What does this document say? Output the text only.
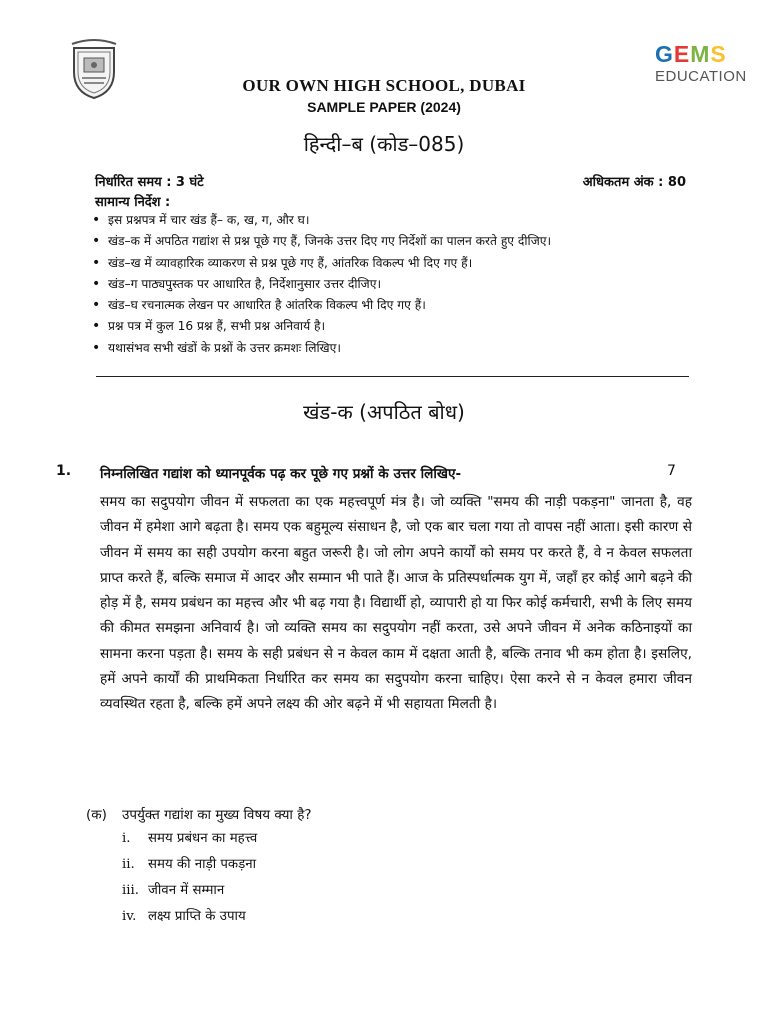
GEMS
EDUCATION
OUR OWN HIGH SCHOOL, DUBAI
SAMPLE PAPER (2024)
हिन्दी–ब (कोड–085)
निर्धारित समय : 3 घंटे	अधिकतम अंक : 80
सामान्य निर्देश :
• इस प्रश्नपत्र में चार खंड हैं– क, ख, ग, और घ।
• खंड–क में अपठित गद्यांश से प्रश्न पूछे गए हैं, जिनके उत्तर दिए गए निर्देशों का पालन करते हुए दीजिए।
• खंड–ख में व्यावहारिक व्याकरण से प्रश्न पूछे गए हैं, आंतरिक विकल्प भी दिए गए हैं।
• खंड–ग पाठ्यपुस्तक पर आधारित है, निर्देशानुसार उत्तर दीजिए।
• खंड–घ रचनात्मक लेखन पर आधारित है आंतरिक विकल्प भी दिए गए हैं।
• प्रश्न पत्र में कुल 16 प्रश्न हैं, सभी प्रश्न अनिवार्य है।
• यथासंभव सभी खंडों के प्रश्नों के उत्तर क्रमशः लिखिए।
खंड-क (अपठित बोध)
1. निम्नलिखित गद्यांश को ध्यानपूर्वक पढ़ कर पूछे गए प्रश्नों के उत्तर लिखिए-	7
समय का सदुपयोग जीवन में सफलता का एक महत्त्वपूर्ण मंत्र है। जो व्यक्ति "समय की नाड़ी पकड़ना" जानता है, वह जीवन में हमेशा आगे बढ़ता है। समय एक बहुमूल्य संसाधन है, जो एक बार चला गया तो वापस नहीं आता। इसी कारण से जीवन में समय का सही उपयोग करना बहुत जरूरी है। जो लोग अपने कार्यों को समय पर करते हैं, वे न केवल सफलता प्राप्त करते हैं, बल्कि समाज में आदर और सम्मान भी पाते हैं। आज के प्रतिस्पर्धात्मक युग में, जहाँ हर कोई आगे बढ़ने की होड़ में है, समय प्रबंधन का महत्त्व और भी बढ़ गया है। विद्यार्थी हो, व्यापारी हो या फिर कोई कर्मचारी, सभी के लिए समय की कीमत समझना अनिवार्य है। जो व्यक्ति समय का सदुपयोग नहीं करता, उसे अपने जीवन में अनेक कठिनाइयों का सामना करना पड़ता है। समय के सही प्रबंधन से न केवल काम में दक्षता आती है, बल्कि तनाव भी कम होता है। इसलिए, हमें अपने कार्यों की प्राथमिकता निर्धारित कर समय का सदुपयोग करना चाहिए। ऐसा करने से न केवल हमारा जीवन व्यवस्थित रहता है, बल्कि हमें अपने लक्ष्य की ओर बढ़ने में भी सहायता मिलती है।
(क) उपर्युक्त गद्यांश का मुख्य विषय क्या है?
i. समय प्रबंधन का महत्त्व
ii. समय की नाड़ी पकड़ना
iii. जीवन में सम्मान
iv. लक्ष्य प्राप्ति के उपाय
